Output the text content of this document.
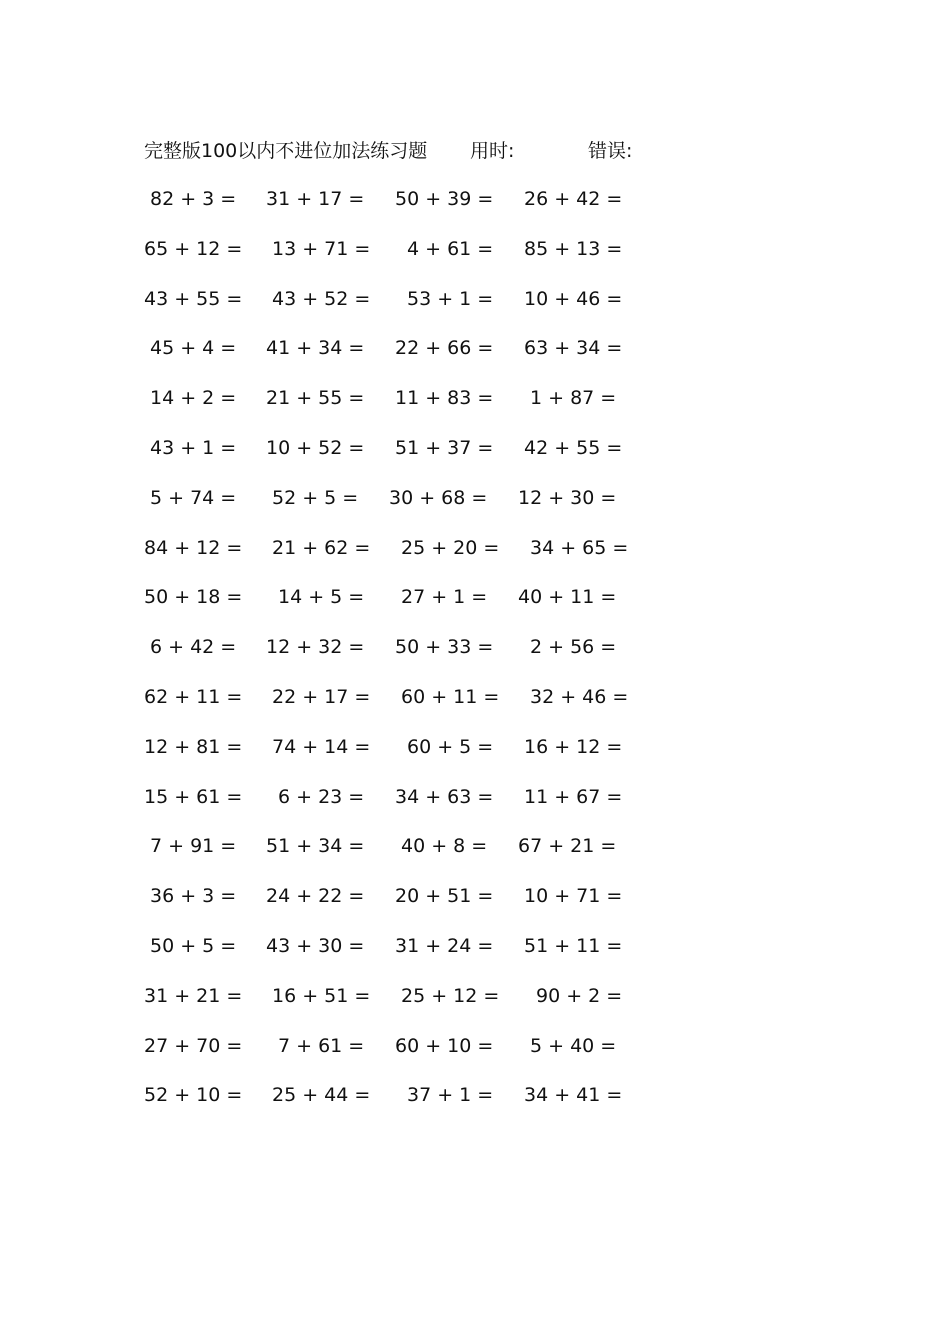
完整版100以内不进位加法练习题 用时:	错误:
82 + 3 = 31 + 17 = 50 + 39 = 26 + 42 =
65 + 12 = 13 + 71 = 4 + 61 = 85 + 13 =
43 + 55 = 43 + 52 = 53 + 1 = 10 + 46 =
45 + 4 = 41 + 34 = 22 + 66 = 63 + 34 =
14 + 2 = 21 + 55 = 11 + 83 = 1 + 87 =
43 + 1 = 10 + 52 = 51 + 37 = 42 + 55 =
5 + 74 = 52 + 5 = 30 + 68 = 12 + 30 =
84 + 12 = 21 + 62 = 25 + 20 = 34 + 65 =
50 + 18 = 14 + 5 = 27 + 1 = 40 + 11 =
6 + 42 = 12 + 32 = 50 + 33 = 2 + 56 =
62 + 11 = 22 + 17 = 60 + 11 = 32 + 46 =
12 + 81 = 74 + 14 = 60 + 5 = 16 + 12 =
15 + 61 = 6 + 23 = 34 + 63 = 11 + 67 =
7 + 91 = 51 + 34 = 40 + 8 = 67 + 21 =
36 + 3 = 24 + 22 = 20 + 51 = 10 + 71 =
50 + 5 = 43 + 30 = 31 + 24 = 51 + 11 =
31 + 21 = 16 + 51 = 25 + 12 = 90 + 2 =
27 + 70 = 7 + 61 = 60 + 10 = 5 + 40 =
52 + 10 = 25 + 44 = 37 + 1 = 34 + 41 =
